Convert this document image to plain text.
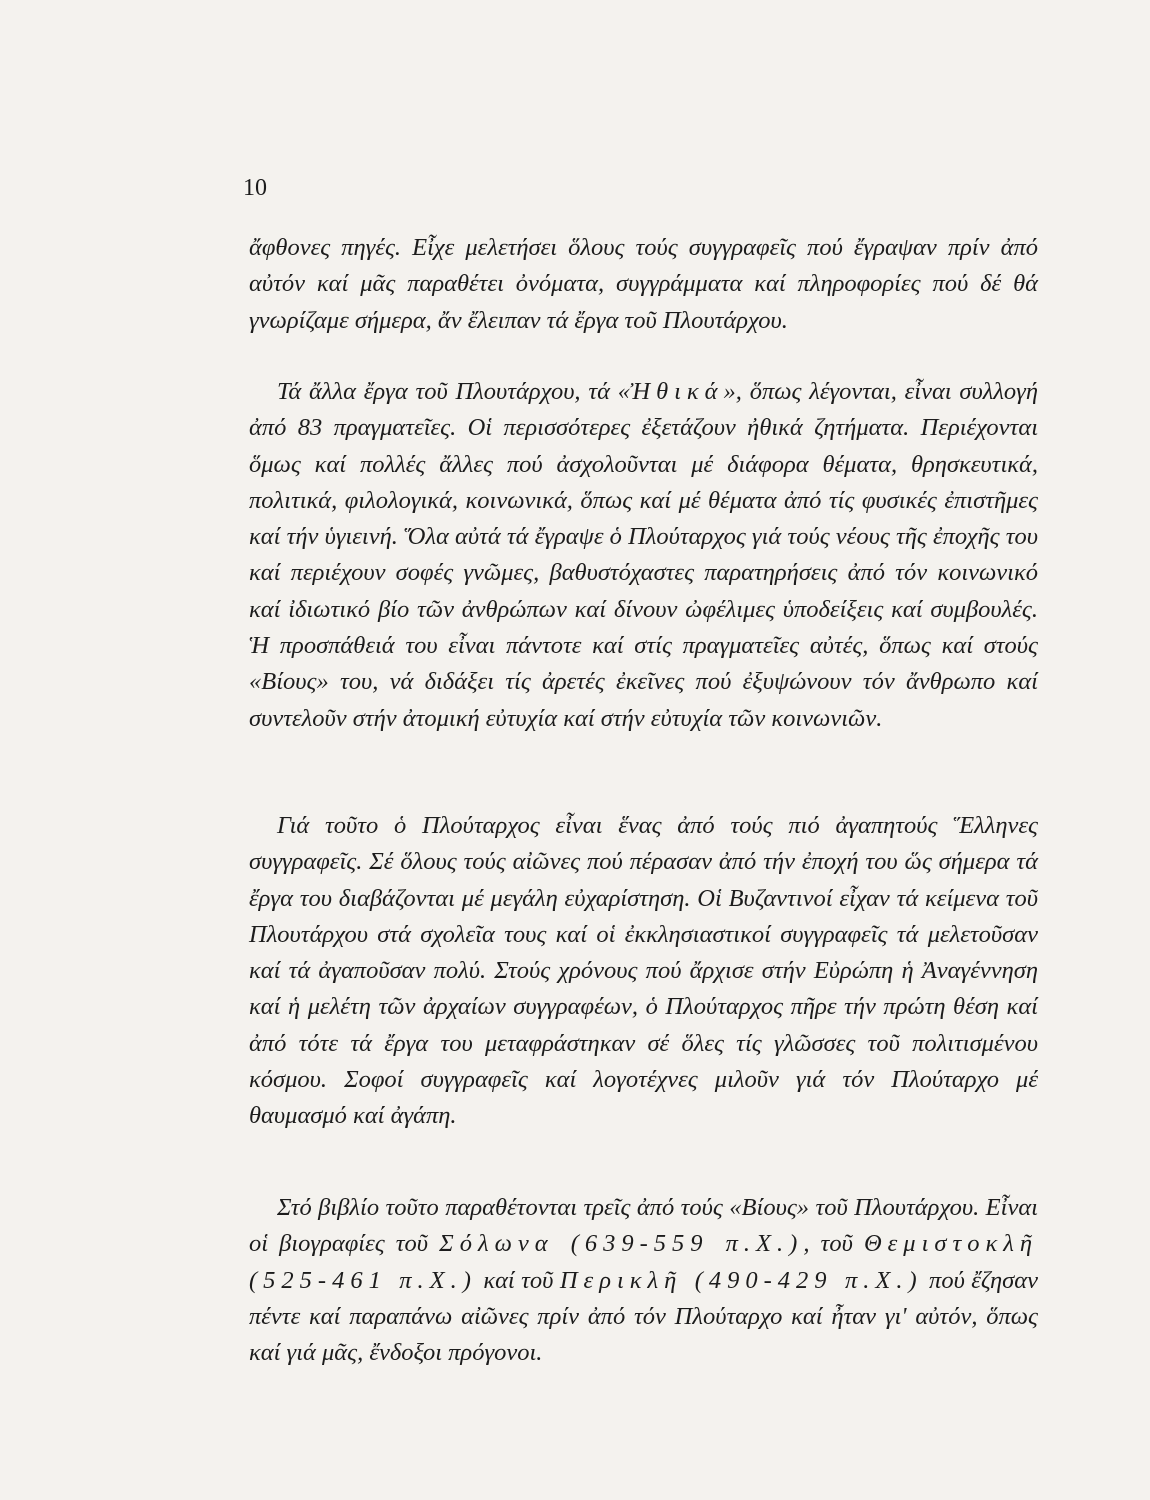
10

ἄφθονες πηγές. Εἶχε μελετήσει ὅλους τούς συγγραφεῖς πού ἔγραψαν πρίν ἀπό αὐτόν καί μᾶς παραθέτει ὀνόματα, συγγράμματα καί πληροφορίες πού δέ θά γνωρίζαμε σήμερα, ἄν ἔλειπαν τά ἔργα τοῦ Πλουτάρχου.

Τά ἄλλα ἔργα τοῦ Πλουτάρχου, τά «Ἠθικά», ὅπως λέγονται, εἶναι συλλογή ἀπό 83 πραγματεῖες. Οἱ περισσότερες ἐξετάζουν ἠθικά ζητήματα. Περιέχονται ὅμως καί πολλές ἄλλες πού ἀσχολοῦνται μέ διάφορα θέματα, θρησκευτικά, πολιτικά, φιλολογικά, κοινωνικά, ὅπως καί μέ θέματα ἀπό τίς φυσικές ἐπιστῆμες καί τήν ὑγιεινή. Ὅλα αὐτά τά ἔγραψε ὁ Πλούταρχος γιά τούς νέους τῆς ἐποχῆς του καί περιέχουν σοφές γνῶμες, βαθυστόχαστες παρατηρήσεις ἀπό τόν κοινωνικό καί ἰδιωτικό βίο τῶν ἀνθρώπων καί δίνουν ὠφέλιμες ὑποδείξεις καί συμβουλές. Ἡ προσπάθειά του εἶναι πάντοτε καί στίς πραγματεῖες αὐτές, ὅπως καί στούς «Βίους» του, νά διδάξει τίς ἀρετές ἐκεῖνες πού ἐξυψώνουν τόν ἄνθρωπο καί συντελοῦν στήν ἀτομική εὐτυχία καί στήν εὐτυχία τῶν κοινωνιῶν.

Γιά τοῦτο ὁ Πλούταρχος εἶναι ἕνας ἀπό τούς πιό ἀγαπητούς Ἕλληνες συγγραφεῖς. Σέ ὅλους τούς αἰῶνες πού πέρασαν ἀπό τήν ἐποχή του ὥς σήμερα τά ἔργα του διαβάζονται μέ μεγάλη εὐχαρίστηση. Οἱ Βυζαντινοί εἶχαν τά κείμενα τοῦ Πλουτάρχου στά σχολεῖα τους καί οἱ ἐκκλησιαστικοί συγγραφεῖς τά μελετοῦσαν καί τά ἀγαποῦσαν πολύ. Στούς χρόνους πού ἄρχισε στήν Εὐρώπη ἡ Ἀναγέννηση καί ἡ μελέτη τῶν ἀρχαίων συγγραφέων, ὁ Πλούταρχος πῆρε τήν πρώτη θέση καί ἀπό τότε τά ἔργα του μεταφράστηκαν σέ ὅλες τίς γλῶσσες τοῦ πολιτισμένου κόσμου. Σοφοί συγγραφεῖς καί λογοτέχνες μιλοῦν γιά τόν Πλούταρχο μέ θαυμασμό καί ἀγάπη.

Στό βιβλίο τοῦτο παραθέτονται τρεῖς ἀπό τούς «Βίους» τοῦ Πλουτάρχου. Εἶναι οἱ βιογραφίες τοῦ Σόλωνα (639-559 π.Χ.), τοῦ Θεμιστοκλῆ (525-461 π.Χ.) καί τοῦ Περικλῆ (490-429 π.Χ.) πού ἔζησαν πέντε καί παραπάνω αἰῶνες πρίν ἀπό τόν Πλούταρχο καί ἦταν γι' αὐτόν, ὅπως καί γιά μᾶς, ἔνδοξοι πρόγονοι.
